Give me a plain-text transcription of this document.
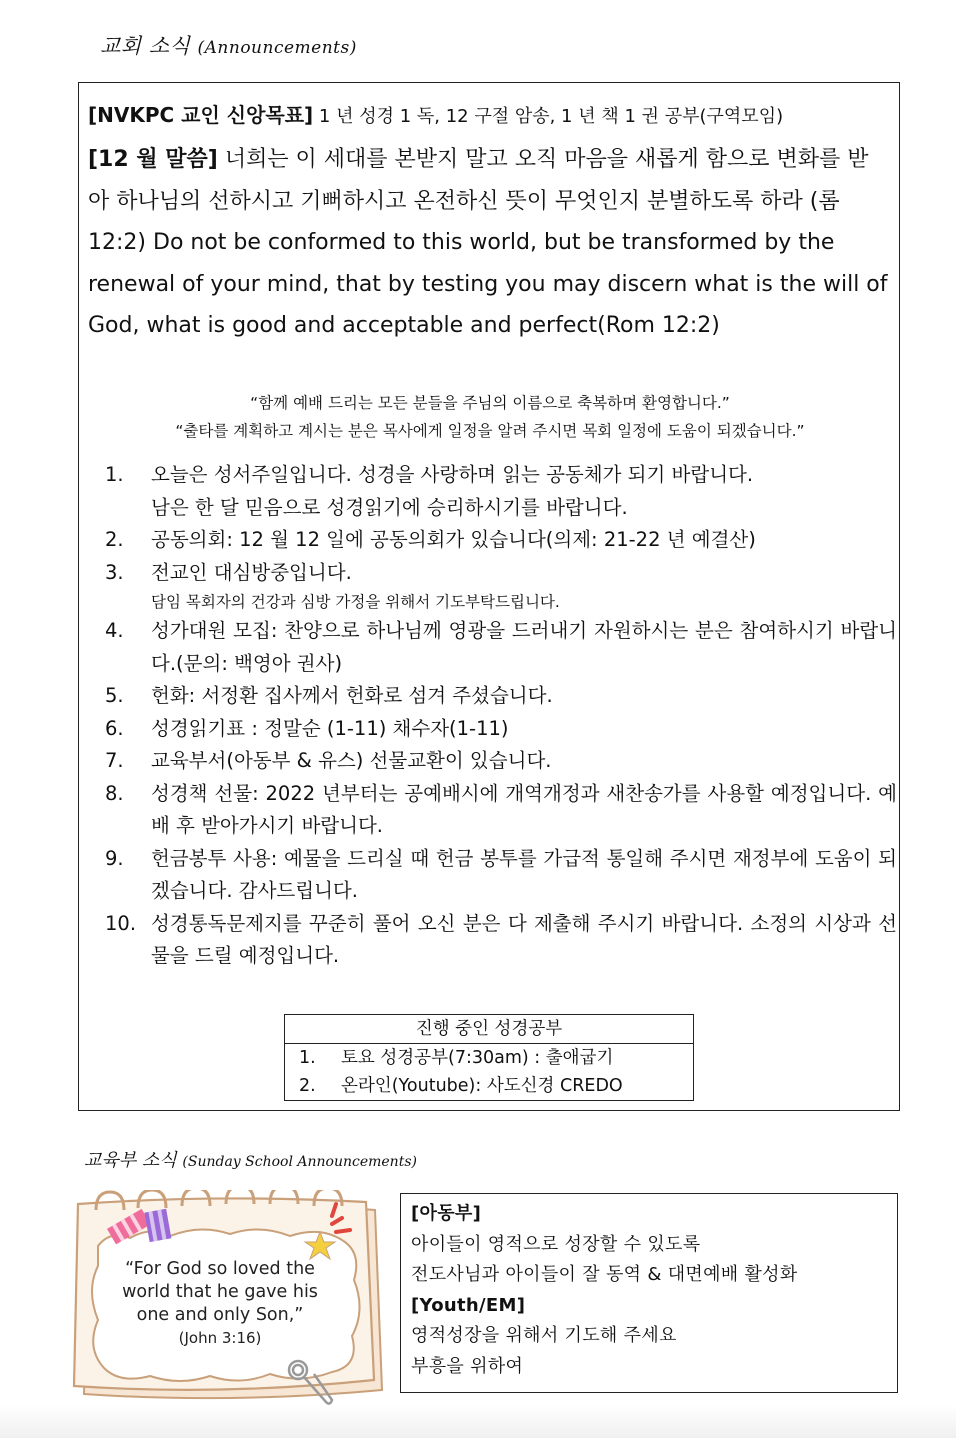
교회 소식 (Announcements)
[NVKPC 교인 신앙목표] 1 년 성경 1 독, 12 구절 암송, 1 년 책 1 권 공부(구역모임)
[12 월 말씀] 너희는 이 세대를 본받지 말고 오직 마음을 새롭게 함으로 변화를 받아 하나님의 선하시고 기뻐하시고 온전하신 뜻이 무엇인지 분별하도록 하라 (롬 12:2) Do not be conformed to this world, but be transformed by the renewal of your mind, that by testing you may discern what is the will of God, what is good and acceptable and perfect(Rom 12:2)
“함께 예배 드리는 모든 분들을 주님의 이름으로 축복하며 환영합니다.”
“출타를 계획하고 계시는 분은 목사에게 일정을 알려 주시면 목회 일정에 도움이 되겠습니다.”
1. 오늘은 성서주일입니다. 성경을 사랑하며 읽는 공동체가 되기 바랍니다.
남은 한 달 믿음으로 성경읽기에 승리하시기를 바랍니다.
2. 공동의회: 12 월 12 일에 공동의회가 있습니다(의제: 21-22 년 예결산)
3. 전교인 대심방중입니다.
담임 목회자의 건강과 심방 가정을 위해서 기도부탁드립니다.
4. 성가대원 모집: 찬양으로 하나님께 영광을 드러내기 자원하시는 분은 참여하시기 바랍니다.(문의: 백영아 권사)
5. 헌화: 서정환 집사께서 헌화로 섬겨 주셨습니다.
6. 성경읽기표 : 정말순 (1-11) 채수자(1-11)
7. 교육부서(아동부 & 유스) 선물교환이 있습니다.
8. 성경책 선물: 2022 년부터는 공예배시에 개역개정과 새찬송가를 사용할 예정입니다. 예배 후 받아가시기 바랍니다.
9. 헌금봉투 사용: 예물을 드리실 때 헌금 봉투를 가급적 통일해 주시면 재정부에 도움이 되겠습니다. 감사드립니다.
10. 성경통독문제지를 꾸준히 풀어 오신 분은 다 제출해 주시기 바랍니다. 소정의 시상과 선물을 드릴 예정입니다.
진행 중인 성경공부
1. 토요 성경공부(7:30am) : 출애굽기
2. 온라인(Youtube): 사도신경 CREDO
교육부 소식 (Sunday School Announcements)
“For God so loved the
world that he gave his
one and only Son,”
(John 3:16)
[아동부]
아이들이 영적으로 성장할 수 있도록
전도사님과 아이들이 잘 동역 & 대면예배 활성화
[Youth/EM]
영적성장을 위해서 기도해 주세요
부흥을 위하여
